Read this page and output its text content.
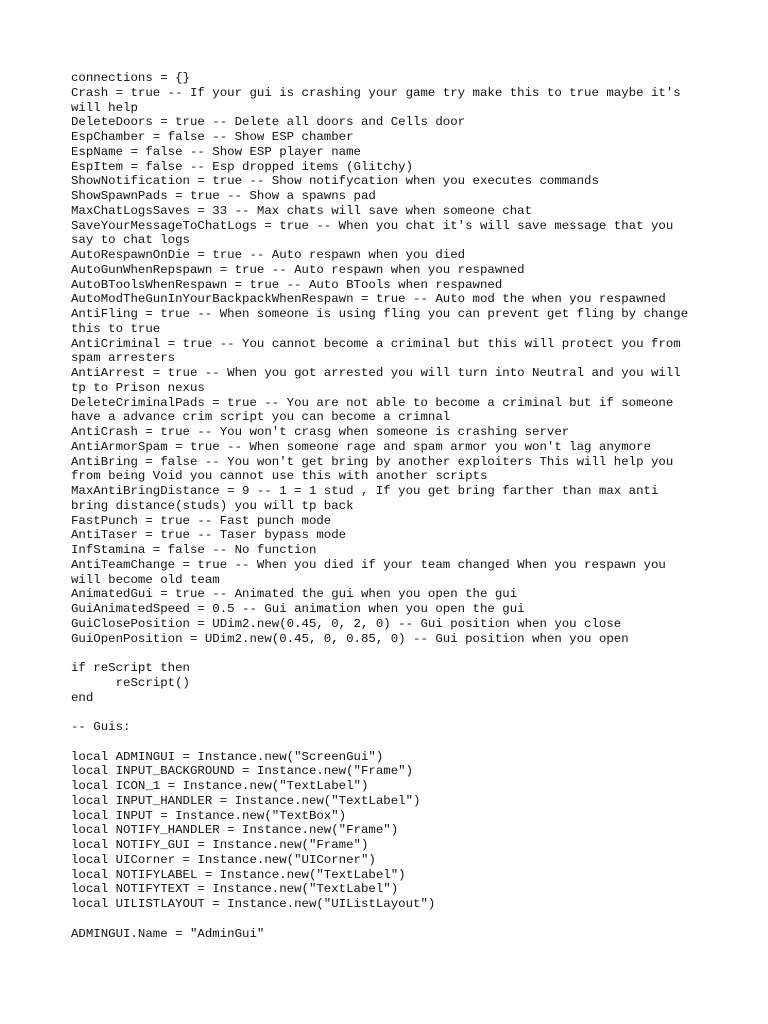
connections = {}
Crash = true -- If your gui is crashing your game try make this to true maybe it's
will help
DeleteDoors = true -- Delete all doors and Cells door
EspChamber = false -- Show ESP chamber
EspName = false -- Show ESP player name
EspItem = false -- Esp dropped items (Glitchy)
ShowNotification = true -- Show notifycation when you executes commands
ShowSpawnPads = true -- Show a spawns pad
MaxChatLogsSaves = 33 -- Max chats will save when someone chat
SaveYourMessageToChatLogs = true -- When you chat it's will save message that you
say to chat logs
AutoRespawnOnDie = true -- Auto respawn when you died
AutoGunWhenRepspawn = true -- Auto respawn when you respawned
AutoBToolsWhenRespawn = true -- Auto BTools when respawned
AutoModTheGunInYourBackpackWhenRespawn = true -- Auto mod the when you respawned
AntiFling = true -- When someone is using fling you can prevent get fling by change
this to true
AntiCriminal = true -- You cannot become a criminal but this will protect you from
spam arresters
AntiArrest = true -- When you got arrested you will turn into Neutral and you will
tp to Prison nexus
DeleteCriminalPads = true -- You are not able to become a criminal but if someone
have a advance crim script you can become a crimnal
AntiCrash = true -- You won't crasg when someone is crashing server
AntiArmorSpam = true -- When someone rage and spam armor you won't lag anymore
AntiBring = false -- You won't get bring by another exploiters This will help you
from being Void you cannot use this with another scripts
MaxAntiBringDistance = 9 -- 1 = 1 stud , If you get bring farther than max anti
bring distance(studs) you will tp back
FastPunch = true -- Fast punch mode
AntiTaser = true -- Taser bypass mode
InfStamina = false -- No function
AntiTeamChange = true -- When you died if your team changed When you respawn you
will become old team
AnimatedGui = true -- Animated the gui when you open the gui
GuiAnimatedSpeed = 0.5 -- Gui animation when you open the gui
GuiClosePosition = UDim2.new(0.45, 0, 2, 0) -- Gui position when you close
GuiOpenPosition = UDim2.new(0.45, 0, 0.85, 0) -- Gui position when you open
if reScript then
reScript()
end
-- Guis:
local ADMINGUI = Instance.new("ScreenGui")
local INPUT_BACKGROUND = Instance.new("Frame")
local ICON_1 = Instance.new("TextLabel")
local INPUT_HANDLER = Instance.new("TextLabel")
local INPUT = Instance.new("TextBox")
local NOTIFY_HANDLER = Instance.new("Frame")
local NOTIFY_GUI = Instance.new("Frame")
local UICorner = Instance.new("UICorner")
local NOTIFYLABEL = Instance.new("TextLabel")
local NOTIFYTEXT = Instance.new("TextLabel")
local UILISTLAYOUT = Instance.new("UIListLayout")
ADMINGUI.Name = "AdminGui"
